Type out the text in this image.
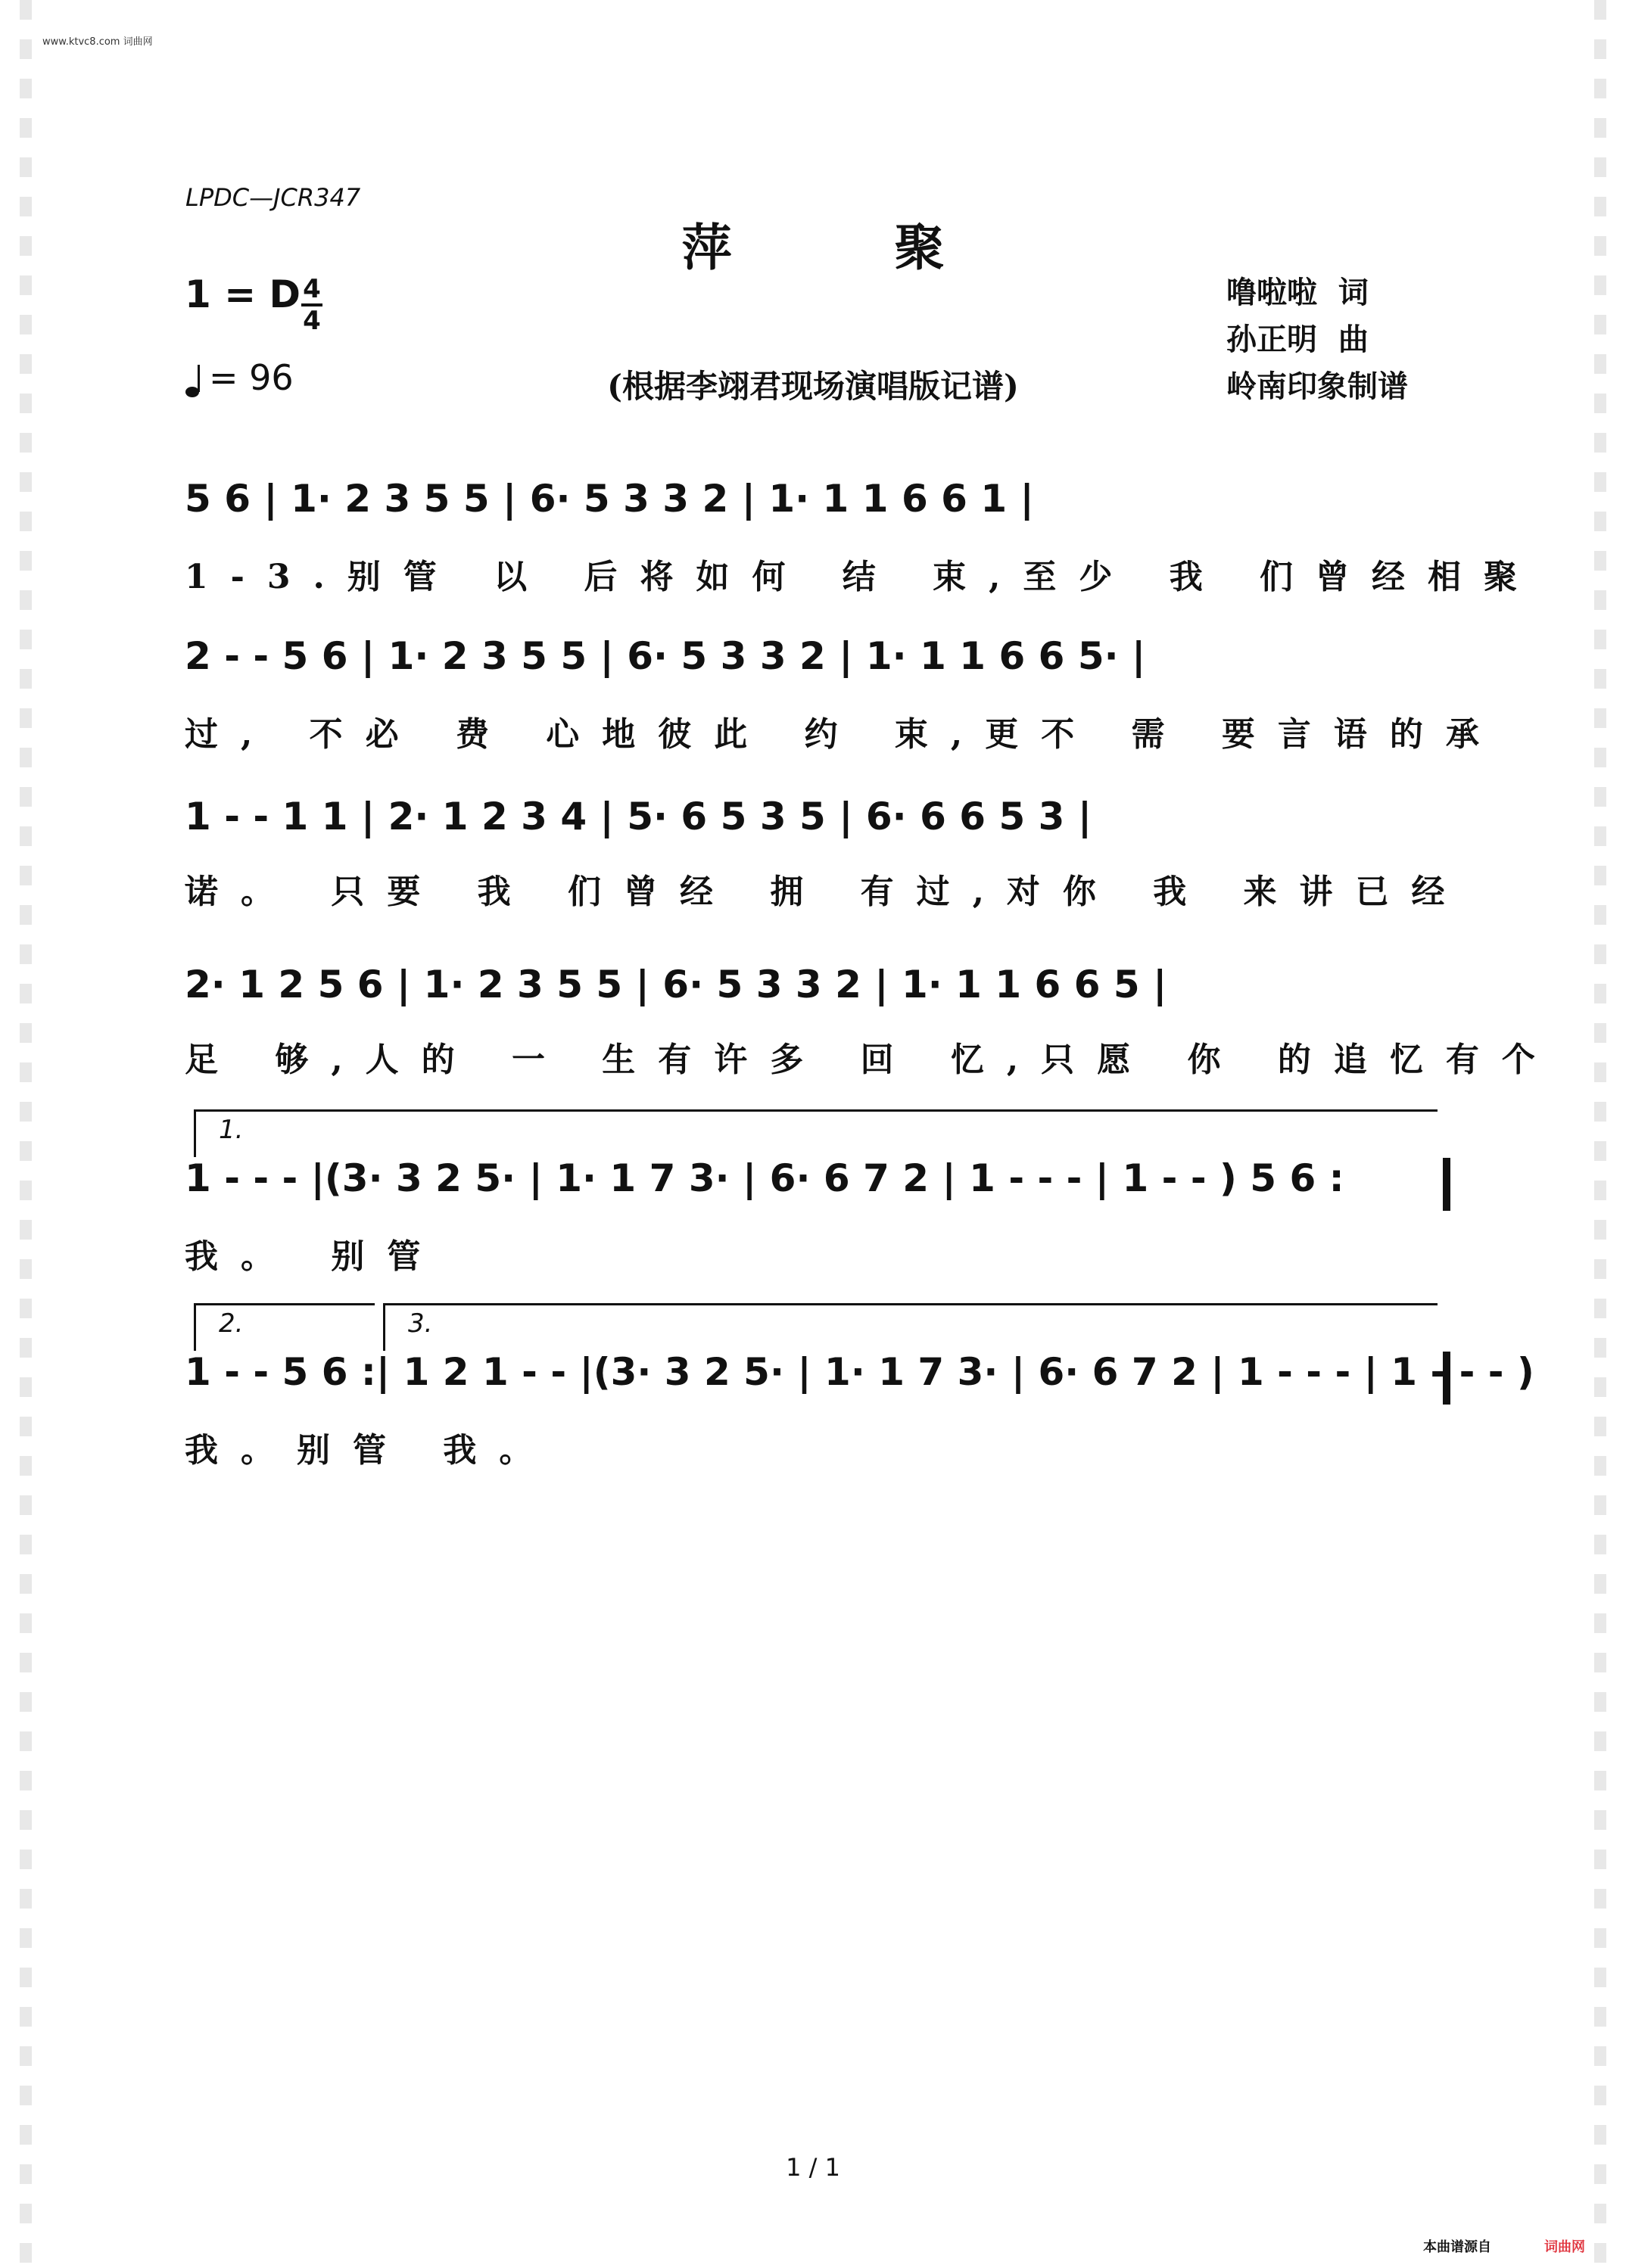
www.ktvc8.com 词曲网
LPDC—JCR347
萍 聚
1 = D 4
4
= 96	(根据李翊君现场演唱版记谱)
噜啦啦  词
孙正明  曲
岭南印象制谱
5 6 | 1· 2 3 5 5 | 6· 5 3 3 2 | 1· 1 1 6 6 1 |
1-3.别管 以 后将如何 结 束,至少 我 们曾经相聚
2 - - 5 6 | 1· 2 3 5 5 | 6· 5 3 3 2 | 1· 1 1 6 6 5· |
过, 不必 费 心地彼此 约 束,更不 需 要言语的承
1 - - 1 1 | 2· 1 2 3 4 | 5· 6 5 3 5 | 6· 6 6 5 3 |
诺。 只要 我 们曾经 拥 有过,对你 我 来讲已经
2· 1 2 5 6 | 1· 2 3 5 5 | 6· 5 3 3 2 | 1· 1 1 6 6 5 |
足 够,人的 一 生有许多 回 忆,只愿 你 的追忆有个
1.
1 - - - |(3· 3 2 5· | 1· 1 7 3· | 6· 6 7 2 | 1 - - - | 1 - - ) 5 6 :
我。 别管
2.	3.
1 - - 5 6 :| 1 2 1 - - |(3· 3 2 5· | 1· 1 7 3· | 6· 6 7 2 | 1 - - - | 1 - - - )
我。别管 我。
1 / 1
本曲谱源自	词曲网
